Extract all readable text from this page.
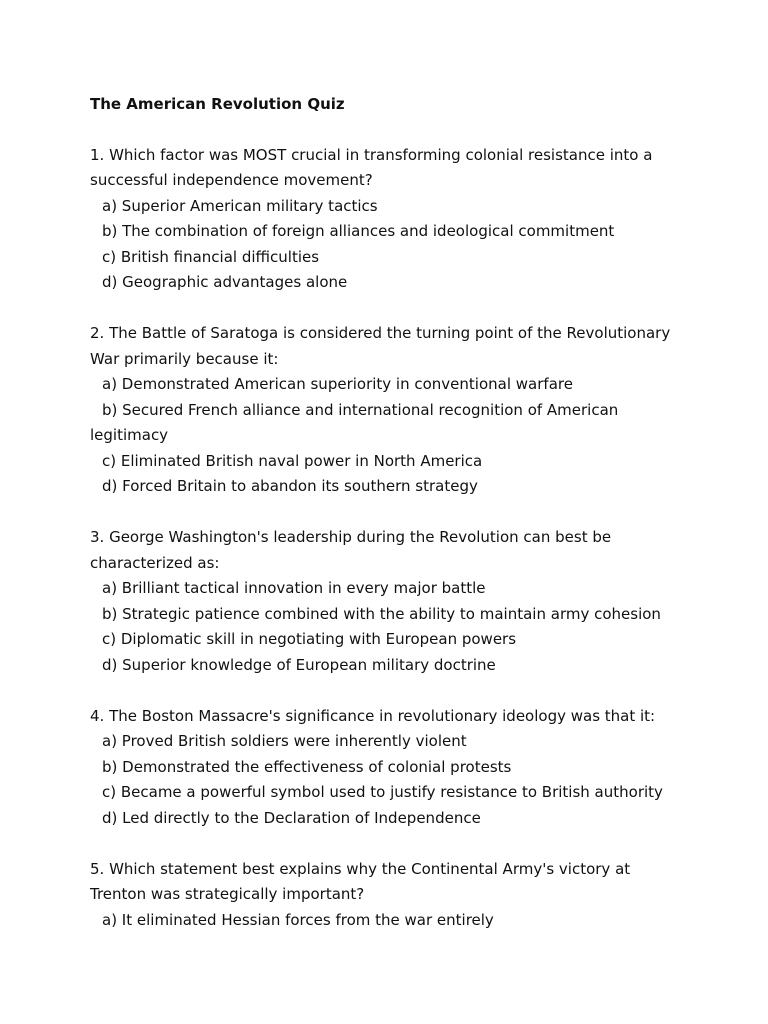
The American Revolution Quiz

1. Which factor was MOST crucial in transforming colonial resistance into a successful independence movement?

a) Superior American military tactics

b) The combination of foreign alliances and ideological commitment

c) British financial difficulties

d) Geographic advantages alone

2. The Battle of Saratoga is considered the turning point of the Revolutionary War primarily because it:

a) Demonstrated American superiority in conventional warfare

b) Secured French alliance and international recognition of American
legitimacy

c) Eliminated British naval power in North America

d) Forced Britain to abandon its southern strategy

3. George Washington's leadership during the Revolution can best be characterized as:

a) Brilliant tactical innovation in every major battle

b) Strategic patience combined with the ability to maintain army cohesion

c) Diplomatic skill in negotiating with European powers

d) Superior knowledge of European military doctrine

4. The Boston Massacre's significance in revolutionary ideology was that it:

a) Proved British soldiers were inherently violent

b) Demonstrated the effectiveness of colonial protests

c) Became a powerful symbol used to justify resistance to British authority

d) Led directly to the Declaration of Independence

5. Which statement best explains why the Continental Army's victory at Trenton was strategically important?

a) It eliminated Hessian forces from the war entirely
